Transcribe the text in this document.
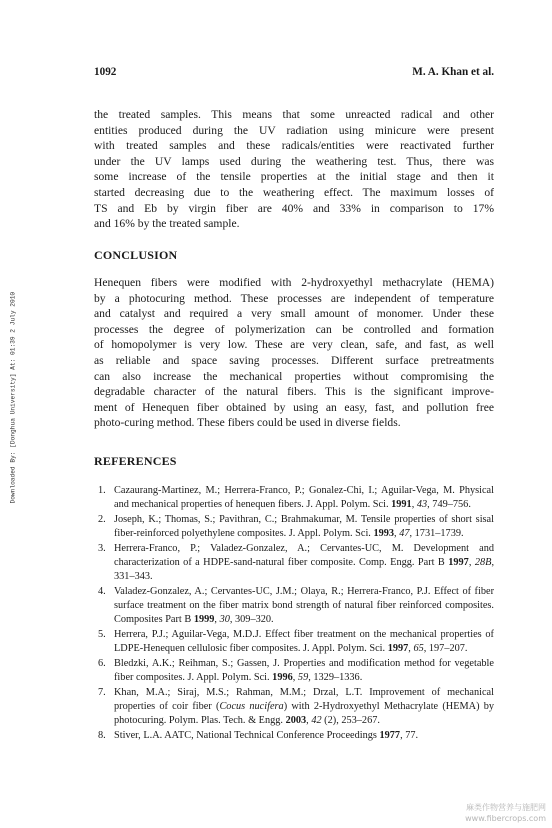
Downloaded By: [Donghua University] At: 01:39 2 July 2010
1092	M. A. Khan et al.
the treated samples. This means that some unreacted radical and other
entities produced during the UV radiation using minicure were present
with treated samples and these radicals/entities were reactivated further
under the UV lamps used during the weathering test. Thus, there was
some increase of the tensile properties at the initial stage and then it
started decreasing due to the weathering effect. The maximum losses of
TS and Eb by virgin fiber are 40% and 33% in comparison to 17%
and 16% by the treated sample.
CONCLUSION
Henequen fibers were modified with 2-hydroxyethyl methacrylate (HEMA)
by a photocuring method. These processes are independent of temperature
and catalyst and required a very small amount of monomer. Under these
processes the degree of polymerization can be controlled and formation
of homopolymer is very low. These are very clean, safe, and fast, as well
as reliable and space saving processes. Different surface pretreatments
can also increase the mechanical properties without compromising the
degradable character of the natural fibers. This is the significant improve-
ment of Henequen fiber obtained by using an easy, fast, and pollution free
photo-curing method. These fibers could be used in diverse fields.
REFERENCES
1. Cazaurang-Martinez, M.; Herrera-Franco, P.; Gonalez-Chi, I.; Aguilar-Vega, M. Physical and mechanical properties of henequen fibers. J. Appl. Polym. Sci. 1991, 43, 749–756.
2. Joseph, K.; Thomas, S.; Pavithran, C.; Brahmakumar, M. Tensile properties of short sisal fiber-reinforced polyethylene composites. J. Appl. Polym. Sci. 1993, 47, 1731–1739.
3. Herrera-Franco, P.; Valadez-Gonzalez, A.; Cervantes-UC, M. Development and characterization of a HDPE-sand-natural fiber composite. Comp. Engg. Part B 1997, 28B, 331–343.
4. Valadez-Gonzalez, A.; Cervantes-UC, J.M.; Olaya, R.; Herrera-Franco, P.J. Effect of fiber surface treatment on the fiber matrix bond strength of natural fiber reinforced composites. Composites Part B 1999, 30, 309–320.
5. Herrera, P.J.; Aguilar-Vega, M.D.J. Effect fiber treatment on the mechanical properties of LDPE-Henequen cellulosic fiber composites. J. Appl. Polym. Sci. 1997, 65, 197–207.
6. Bledzki, A.K.; Reihman, S.; Gassen, J. Properties and modification method for vegetable fiber composites. J. Appl. Polym. Sci. 1996, 59, 1329–1336.
7. Khan, M.A.; Siraj, M.S.; Rahman, M.M.; Drzal, L.T. Improvement of mechanical properties of coir fiber (Cocus nucifera) with 2-Hydroxyethyl Methacrylate (HEMA) by photocuring. Polym. Plas. Tech. & Engg. 2003, 42 (2), 253–267.
8. Stiver, L.A. AATC, National Technical Conference Proceedings 1977, 77.
麻类作物营养与施肥网
www.fibercrops.com
